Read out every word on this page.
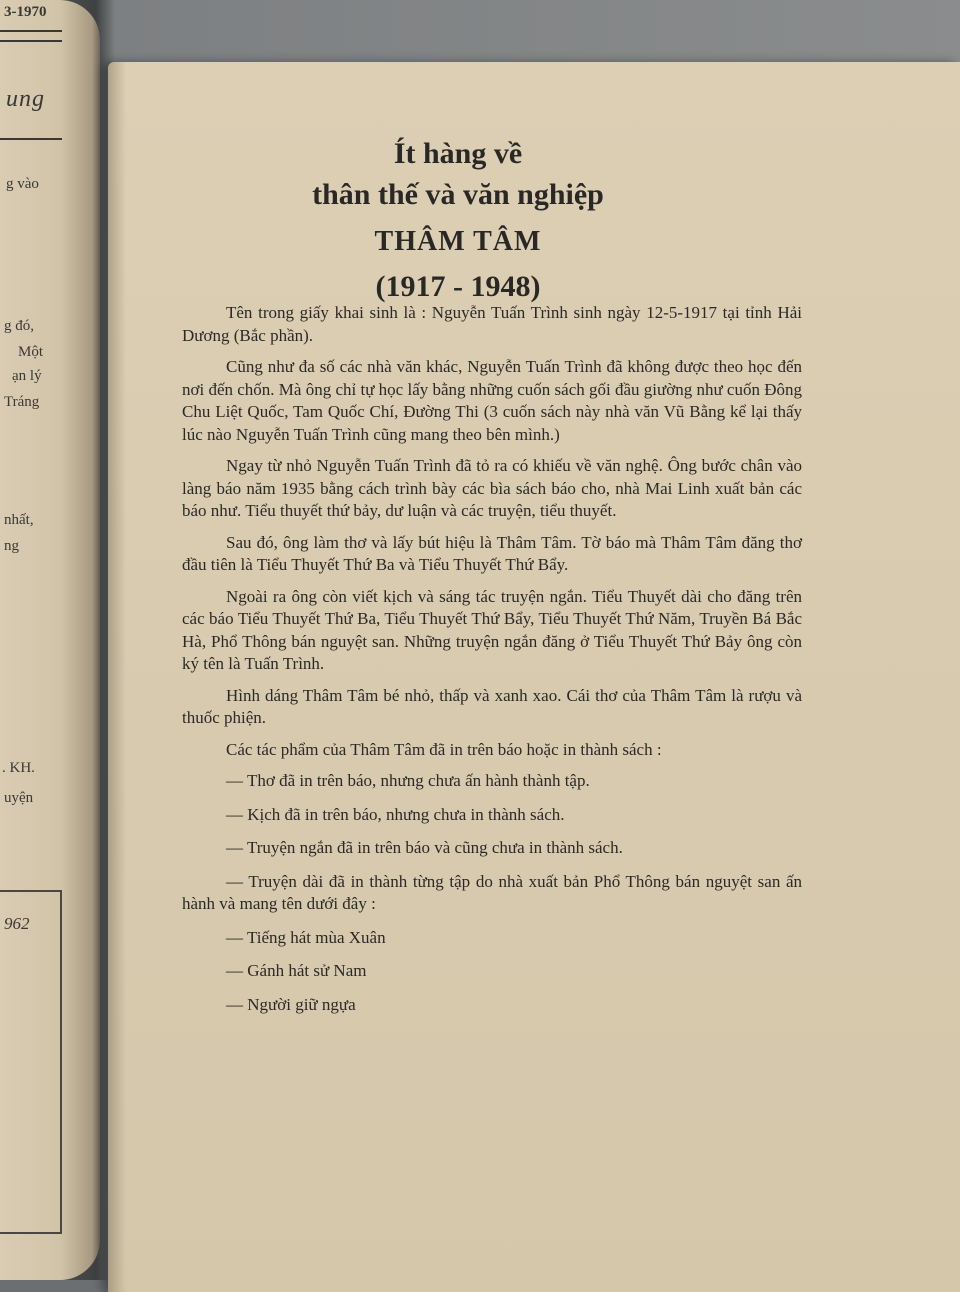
3-1970
ung
g vào
g đó,
Một
ạn lý
Tráng
nhất,
ng
. KH.
uyện
962
Ít hàng về
thân thế và văn nghiệp
THÂM TÂM
(1917 - 1948)

Tên trong giấy khai sinh là : Nguyễn Tuấn Trình sinh ngày 12-5-1917 tại tỉnh Hải Dương (Bắc phần).

Cũng như đa số các nhà văn khác, Nguyễn Tuấn Trình đã không được theo học đến nơi đến chốn. Mà ông chỉ tự học lấy bằng những cuốn sách gối đầu giường như cuốn Đông Chu Liệt Quốc, Tam Quốc Chí, Đường Thi (3 cuốn sách này nhà văn Vũ Bằng kể lại thấy lúc nào Nguyễn Tuấn Trình cũng mang theo bên mình.)

Ngay từ nhỏ Nguyễn Tuấn Trình đã tỏ ra có khiếu về văn nghệ. Ông bước chân vào làng báo năm 1935 bằng cách trình bày các bìa sách báo cho, nhà Mai Linh xuất bản các báo như. Tiểu thuyết thứ bảy, dư luận và các truyện, tiểu thuyết.

Sau đó, ông làm thơ và lấy bút hiệu là Thâm Tâm. Tờ báo mà Thâm Tâm đăng thơ đầu tiên là Tiểu Thuyết Thứ Ba và Tiểu Thuyết Thứ Bẩy.

Ngoài ra ông còn viết kịch và sáng tác truyện ngắn. Tiểu Thuyết dài cho đăng trên các báo Tiểu Thuyết Thứ Ba, Tiểu Thuyết Thứ Bẩy, Tiểu Thuyết Thứ Năm, Truyền Bá Bắc Hà, Phổ Thông bán nguyệt san. Những truyện ngắn đăng ở Tiểu Thuyết Thứ Bảy ông còn ký tên là Tuấn Trình.

Hình dáng Thâm Tâm bé nhỏ, thấp và xanh xao. Cái thơ của Thâm Tâm là rượu và thuốc phiện.

Các tác phẩm của Thâm Tâm đã in trên báo hoặc in thành sách :

— Thơ đã in trên báo, nhưng chưa ấn hành thành tập.

— Kịch đã in trên báo, nhưng chưa in thành sách.

— Truyện ngắn đã in trên báo và cũng chưa in thành sách.

— Truyện dài đã in thành từng tập do nhà xuất bản Phổ Thông bán nguyệt san ấn hành và mang tên dưới đây :

— Tiếng hát mùa Xuân

— Gánh hát sử Nam

— Người giữ ngựa
